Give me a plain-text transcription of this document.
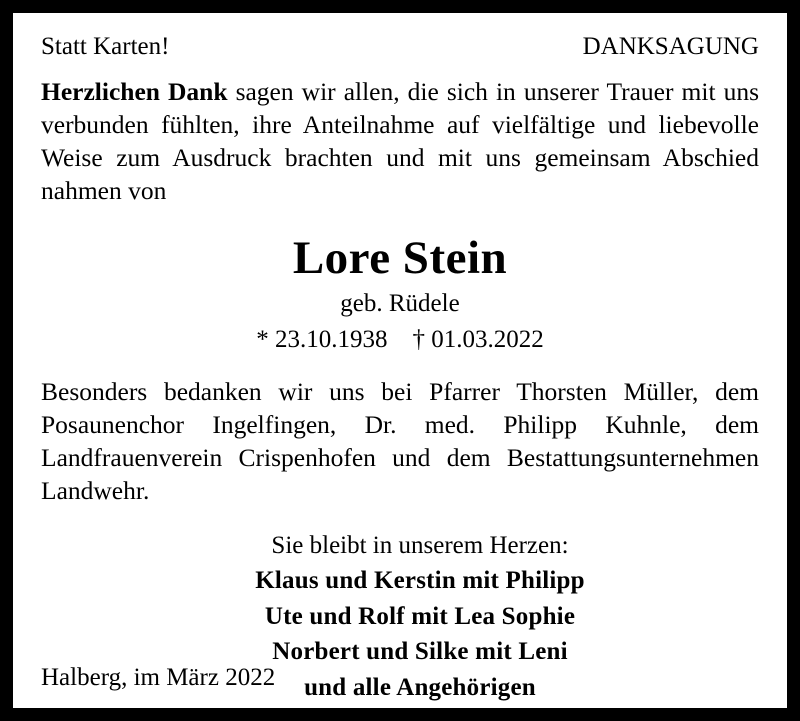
Statt Karten!	DANKSAGUNG

Herzlichen Dank sagen wir allen, die sich in unserer Trauer mit uns verbunden fühlten, ihre Anteilnahme auf vielfältige und liebevolle Weise zum Ausdruck brachten und mit uns gemeinsam Abschied nahmen von

Lore Stein
geb. Rüdele
* 23.10.1938    † 01.03.2022

Besonders bedanken wir uns bei Pfarrer Thorsten Müller, dem Posaunenchor Ingelfingen, Dr. med. Philipp Kuhnle, dem Landfrauenverein Crispenhofen und dem Bestattungsunternehmen Landwehr.

Sie bleibt in unserem Herzen:
Klaus und Kerstin mit Philipp
Ute und Rolf mit Lea Sophie
Norbert und Silke mit Leni
und alle Angehörigen
Halberg, im März 2022
